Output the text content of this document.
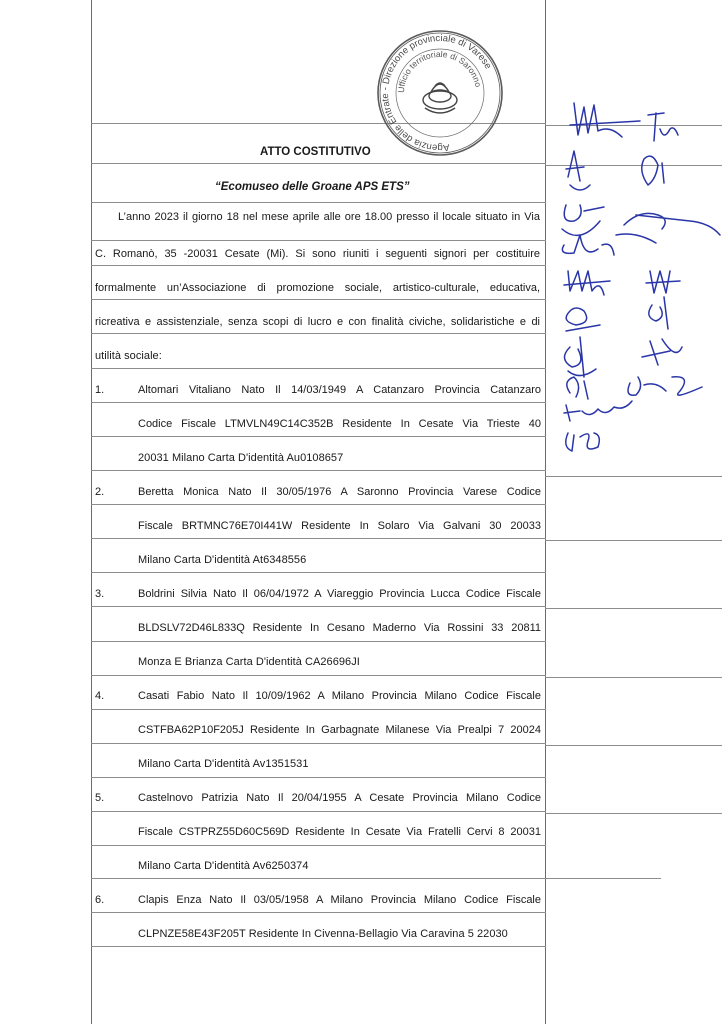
Agenzia delle Entrate - Direzione provinciale di Varese
Ufficio territoriale di Saronno
ATTO COSTITUTIVO
“Ecomuseo delle Groane APS ETS”
L’anno 2023 il giorno 18 nel mese aprile alle ore 18.00 presso il locale situato in Via
C. Romanò, 35 -20031 Cesate (Mi). Si sono riuniti i seguenti signori per costituire
formalmente un’Associazione di promozione sociale, artistico-culturale, educativa,
ricreativa e assistenziale, senza scopi di lucro e con finalità civiche, solidaristiche e di
utilità sociale:
1.	Altomari Vitaliano Nato Il 14/03/1949 A Catanzaro Provincia Catanzaro
Codice Fiscale LTMVLN49C14C352B Residente In Cesate Via Trieste 40
20031 Milano Carta D'identità Au0108657
2.	Beretta Monica Nato Il 30/05/1976 A Saronno Provincia Varese Codice
Fiscale BRTMNC76E70I441W Residente In Solaro Via Galvani 30 20033
Milano Carta D'identità At6348556
3.	Boldrini Silvia Nato Il 06/04/1972 A Viareggio Provincia Lucca Codice Fiscale
BLDSLV72D46L833Q Residente In Cesano Maderno Via Rossini 33 20811
Monza E Brianza Carta D'identità CA26696JI
4.	Casati Fabio Nato Il 10/09/1962 A Milano Provincia Milano Codice Fiscale
CSTFBA62P10F205J Residente In Garbagnate Milanese Via Prealpi 7 20024
Milano Carta D'identità Av1351531
5.	Castelnovo Patrizia Nato Il 20/04/1955 A Cesate Provincia Milano Codice
Fiscale CSTPRZ55D60C569D Residente In Cesate Via Fratelli Cervi 8 20031
Milano Carta D'identità Av6250374
6.	Clapis Enza Nato Il 03/05/1958 A Milano Provincia Milano Codice Fiscale
CLPNZE58E43F205T Residente In Civenna-Bellagio Via Caravina 5 22030
